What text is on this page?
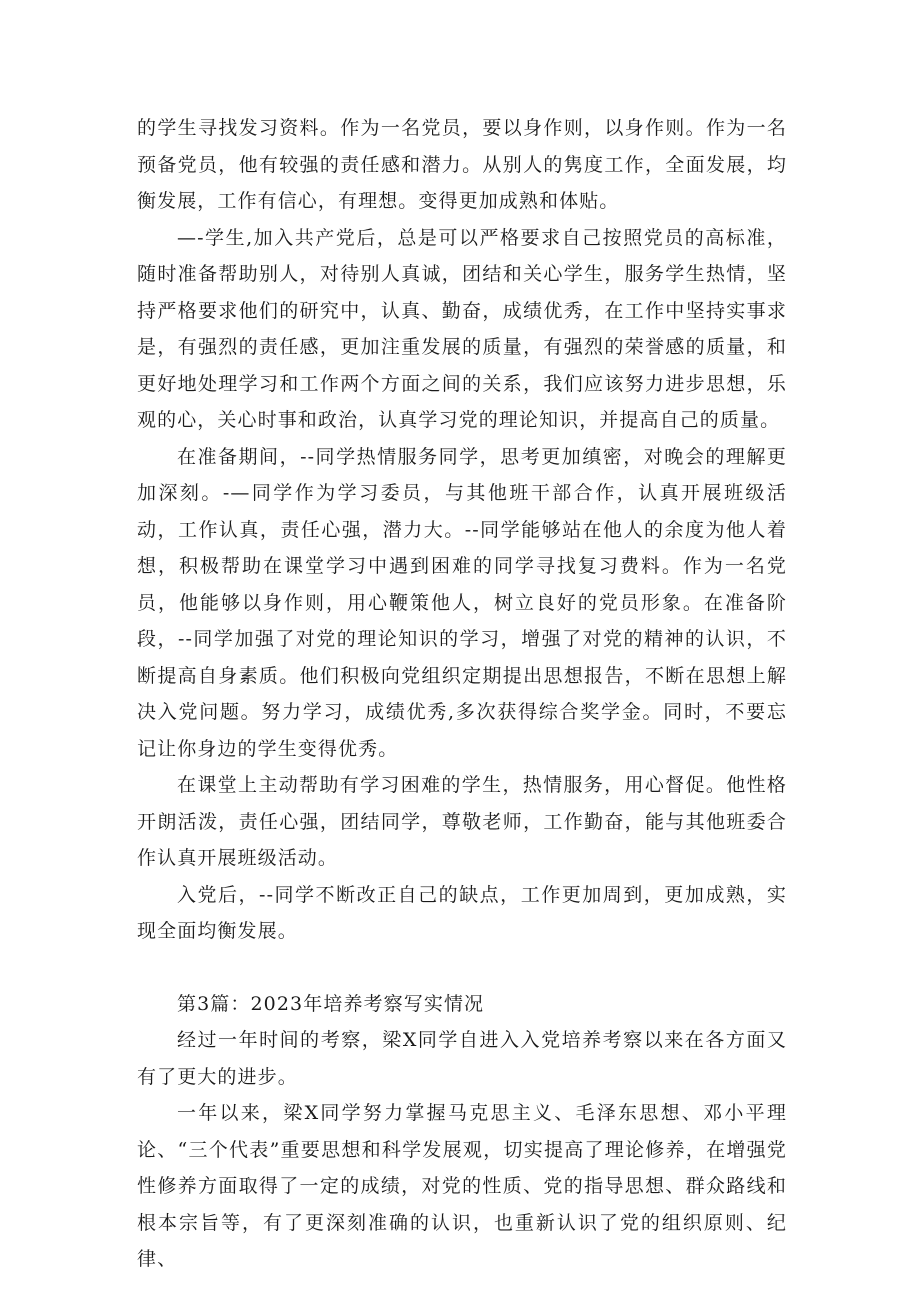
的学生寻找发习资料。作为一名党员，要以身作则，以身作则。作为一名预备党员，他有较强的责任感和潜力。从别人的隽度工作，全面发展，均衡发展，工作有信心，有理想。变得更加成熟和体贴。

—-学生,加入共产党后，总是可以严格要求自己按照党员的高标准，随时准备帮助别人，对待别人真诚，团结和关心学生，服务学生热情，坚持严格要求他们的研究中，认真、勤奋，成绩优秀，在工作中坚持实事求是，有强烈的责任感，更加注重发展的质量，有强烈的荣誉感的质量，和更好地处理学习和工作两个方面之间的关系，我们应该努力进步思想，乐观的心，关心时事和政治，认真学习党的理论知识，并提高自己的质量。

在准备期间，--同学热情服务同学，思考更加缜密，对晚会的理解更加深刻。-—同学作为学习委员，与其他班干部合作，认真开展班级活动，工作认真，责任心强，潜力大。--同学能够站在他人的余度为他人着想，积极帮助在课堂学习中遇到困难的同学寻找复习费料。作为一名党员，他能够以身作则，用心鞭策他人，树立良好的党员形象。在准备阶段，--同学加强了对党的理论知识的学习，增强了对党的精神的认识，不断提高自身素质。他们积极向党组织定期提出思想报告，不断在思想上解决入党问题。努力学习，成绩优秀,多次获得综合奖学金。同时，不要忘记让你身边的学生变得优秀。

在课堂上主动帮助有学习困难的学生，热情服务，用心督促。他性格开朗活泼，责任心强，团结同学，尊敬老师，工作勤奋，能与其他班委合作认真开展班级活动。

入党后，--同学不断改正自己的缺点，工作更加周到，更加成熟，实现全面均衡发展。

第3篇：2023年培养考察写实情况

经过一年时间的考察，梁X同学自进入入党培养考察以来在各方面又有了更大的进步。

一年以来，梁X同学努力掌握马克思主义、毛泽东思想、邓小平理论、“三个代表”重要思想和科学发展观，切实提高了理论修养，在增强党性修养方面取得了一定的成绩，对党的性质、党的指导思想、群众路线和根本宗旨等，有了更深刻准确的认识，也重新认识了党的组织原则、纪律、
